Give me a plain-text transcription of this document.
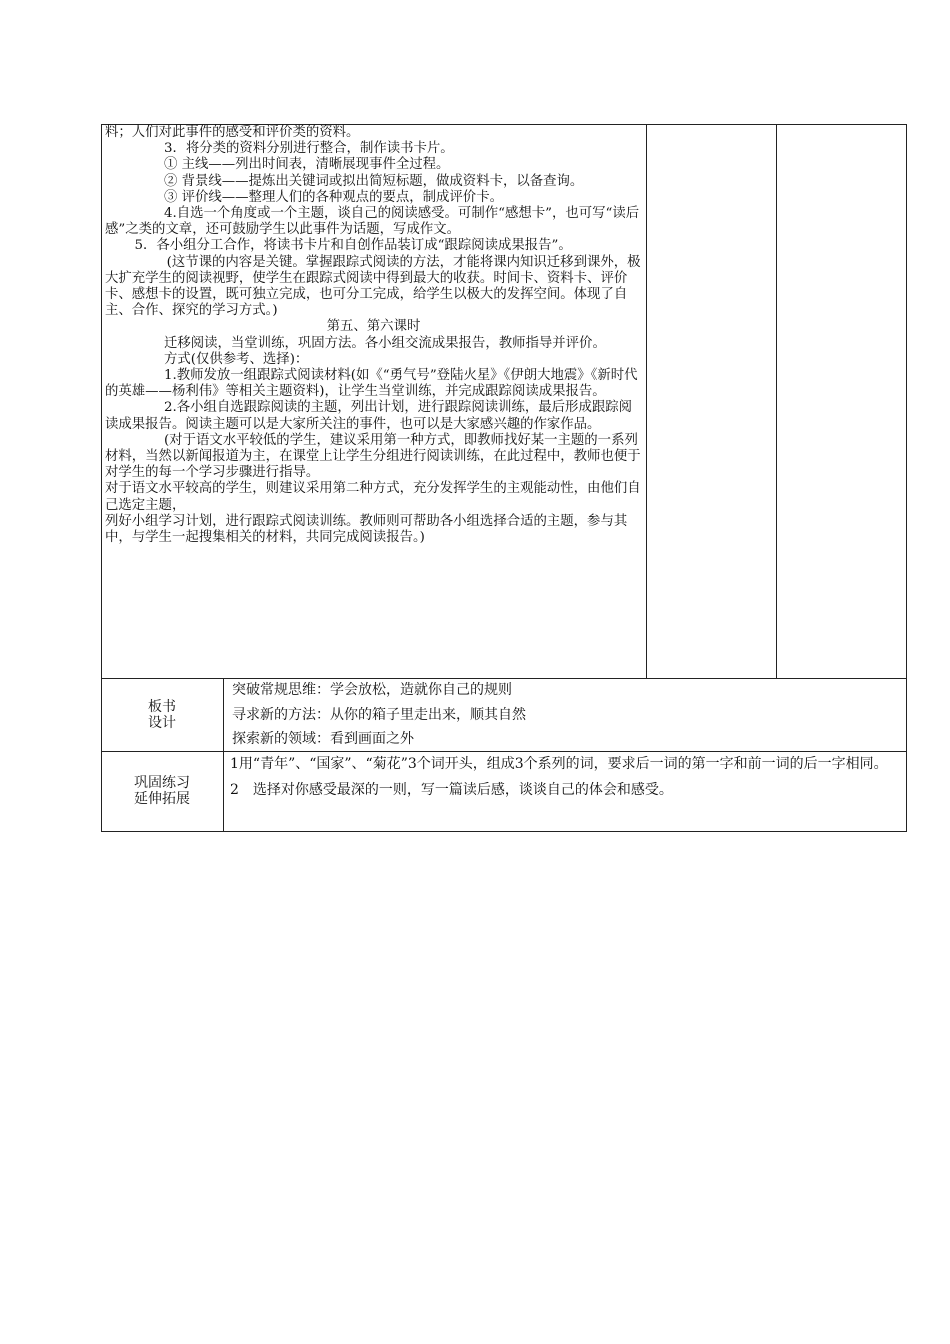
料；人们对此事件的感受和评价类的资料。
3．将分类的资料分别进行整合，制作读书卡片。
① 主线——列出时间表，清晰展现事件全过程。
② 背景线——提炼出关键词或拟出简短标题，做成资料卡，以备查询。
③ 评价线——整理人们的各种观点的要点，制成评价卡。
4.自选一个角度或一个主题，谈自己的阅读感受。可制作“感想卡”，也可写“读后感”之类的文章，还可鼓励学生以此事件为话题，写成作文。
5．各小组分工合作，将读书卡片和自创作品装订成“跟踪阅读成果报告”。
(这节课的内容是关键。掌握跟踪式阅读的方法，才能将课内知识迁移到课外，极大扩充学生的阅读视野，使学生在跟踪式阅读中得到最大的收获。时间卡、资料卡、评价卡、感想卡的设置，既可独立完成，也可分工完成，给学生以极大的发挥空间。体现了自主、合作、探究的学习方式。)
第五、第六课时
迁移阅读，当堂训练，巩固方法。各小组交流成果报告，教师指导并评价。
方式(仅供参考、选择)：
1.教师发放一组跟踪式阅读材料(如《“勇气号”登陆火星》《伊朗大地震》《新时代的英雄——杨利伟》等相关主题资料)，让学生当堂训练，并完成跟踪阅读成果报告。
2.各小组自选跟踪阅读的主题，列出计划，进行跟踪阅读训练，最后形成跟踪阅读成果报告。阅读主题可以是大家所关注的事件，也可以是大家感兴趣的作家作品。
(对于语文水平较低的学生，建议采用第一种方式，即教师找好某一主题的一系列材料，当然以新闻报道为主，在课堂上让学生分组进行阅读训练，在此过程中，教师也便于对学生的每一个学习步骤进行指导。
对于语文水平较高的学生，则建议采用第二种方式，充分发挥学生的主观能动性，由他们自己选定主题，
列好小组学习计划，进行跟踪式阅读训练。教师则可帮助各小组选择合适的主题，参与其中，与学生一起搜集相关的材料，共同完成阅读报告。)
板书
设计
突破常规思维：学会放松，造就你自己的规则
寻求新的方法：从你的箱子里走出来，顺其自然
探索新的领域：看到画面之外
巩固练习
延伸拓展
1用“青年”、“国家”、“菊花”3个词开头，组成3个系列的词，要求后一词的第一字和前一词的后一字相同。
2　选择对你感受最深的一则，写一篇读后感，谈谈自己的体会和感受。
